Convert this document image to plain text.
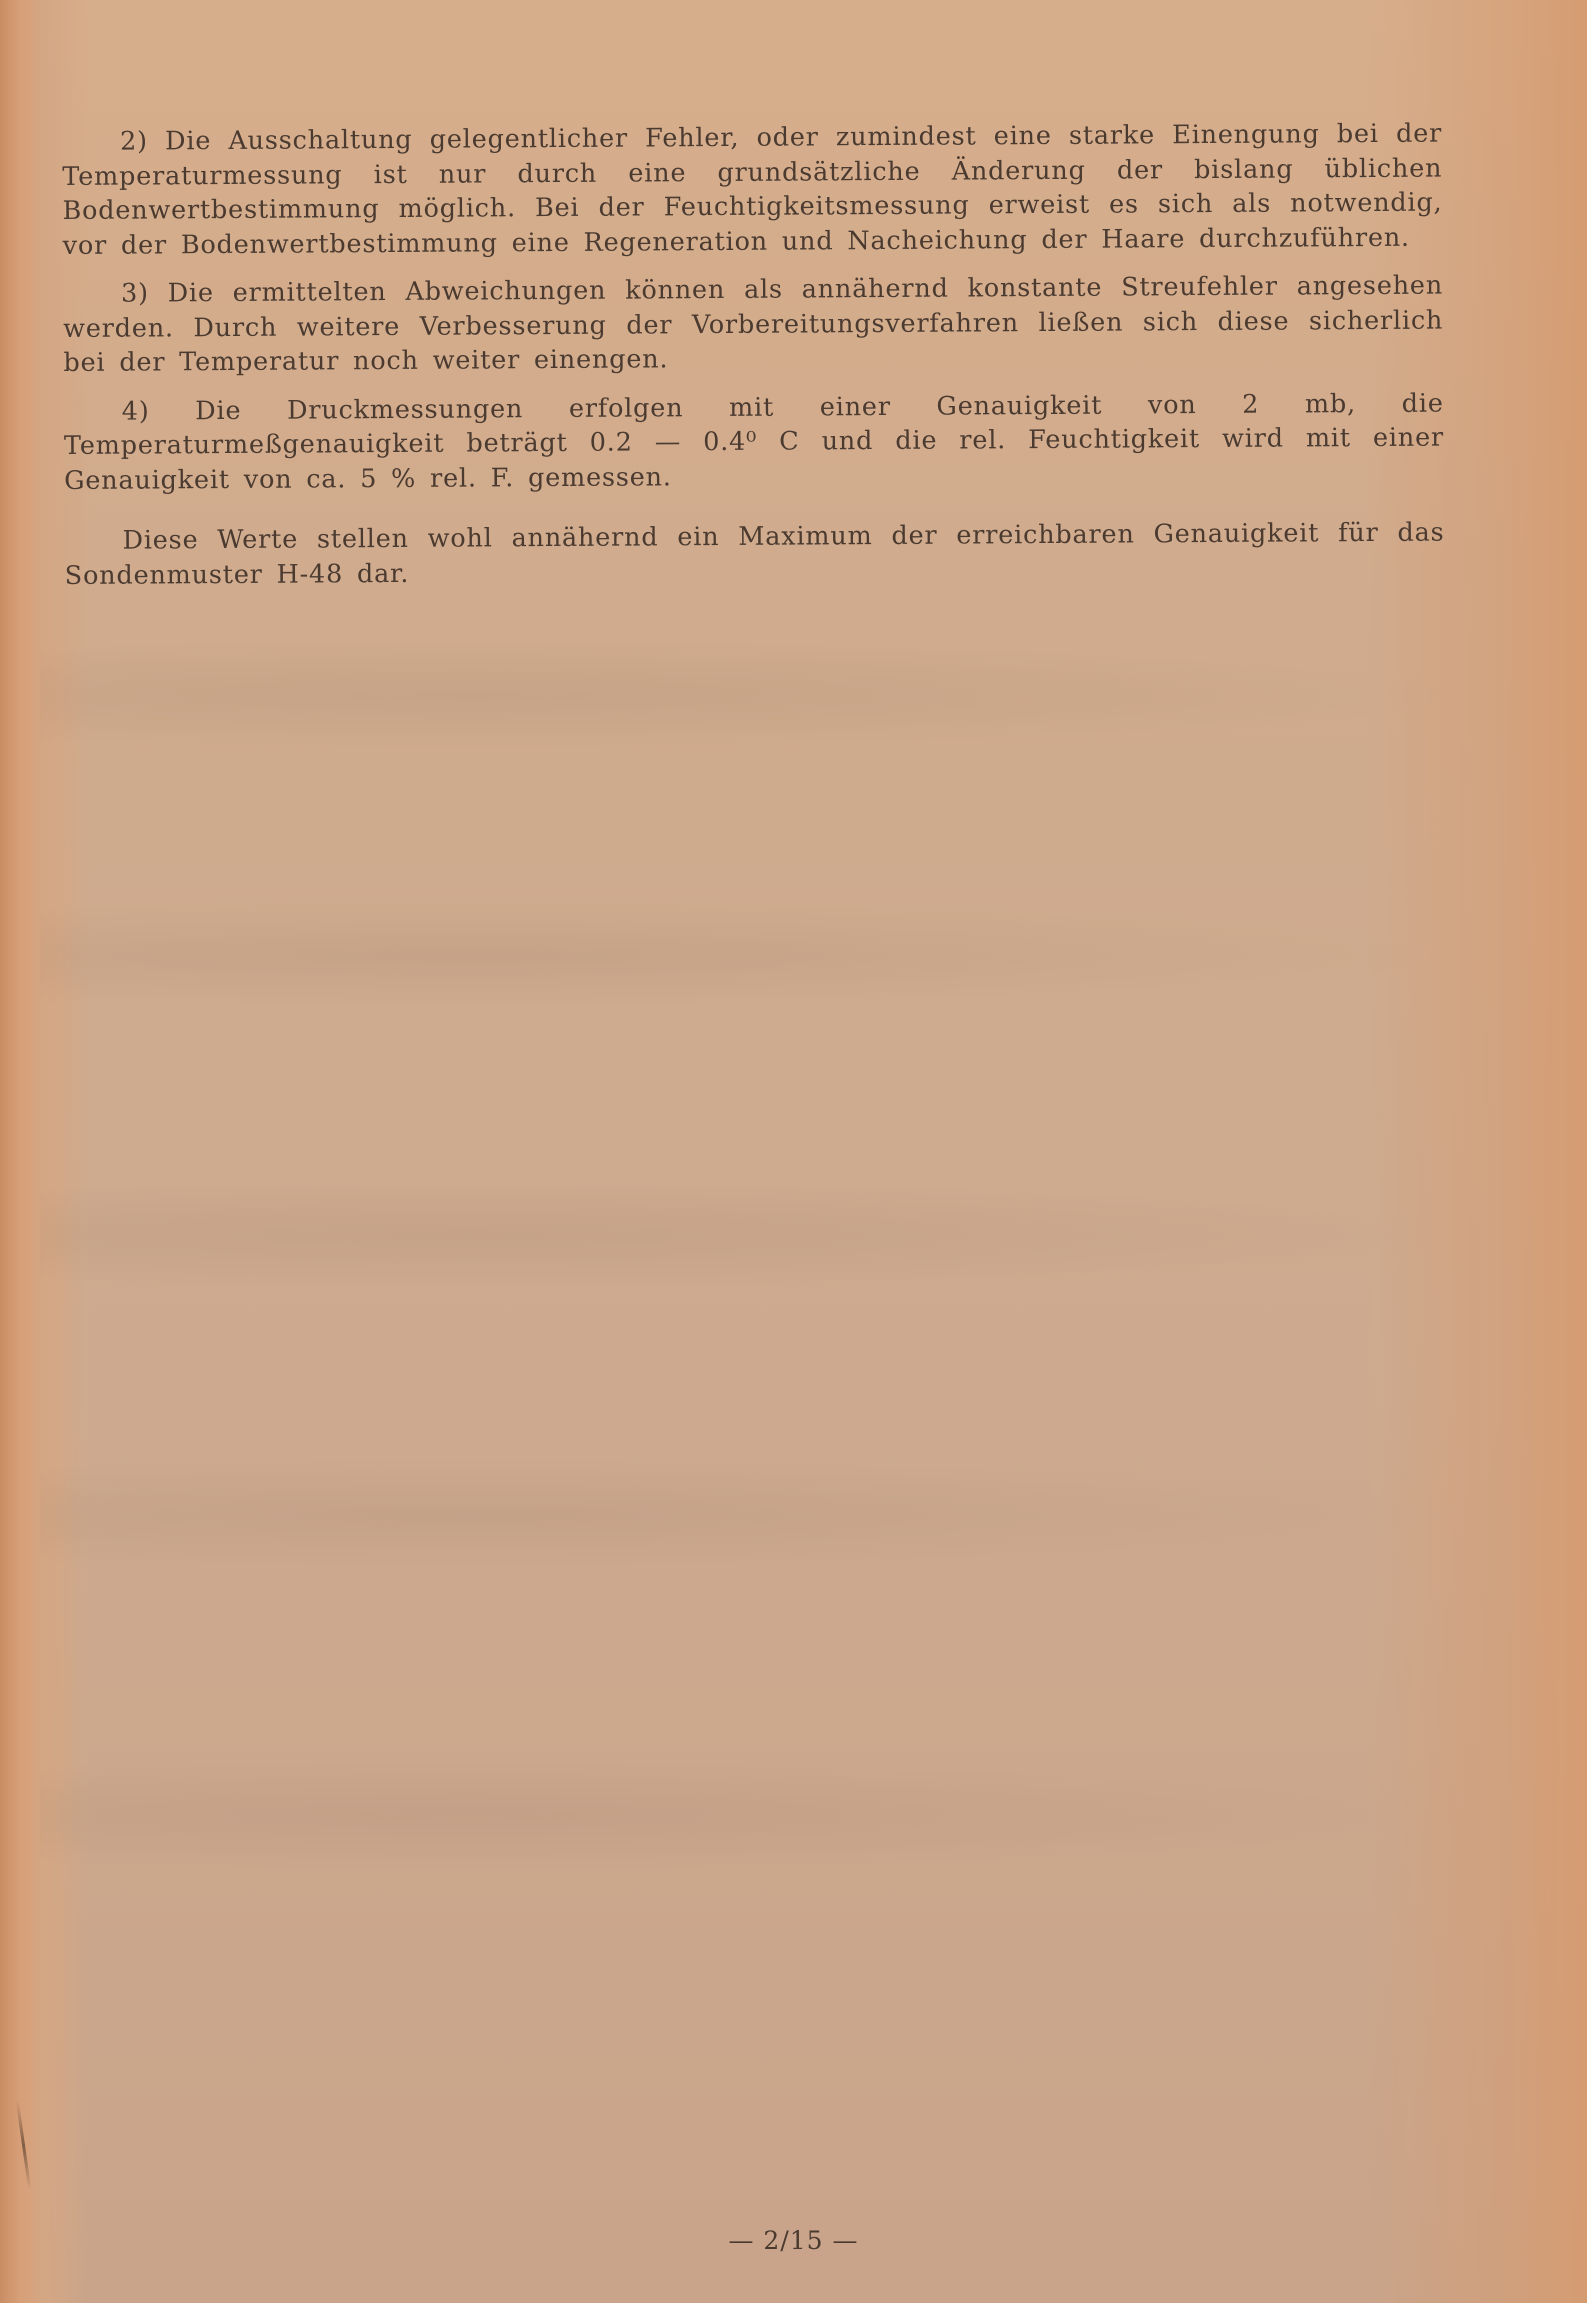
2) Die Ausschaltung gelegentlicher Fehler, oder zumindest eine starke Einengung bei der Temperaturmessung ist nur durch eine grundsätzliche Änderung der bislang üblichen Bodenwertbestimmung möglich. Bei der Feuchtigkeitsmessung erweist es sich als notwendig, vor der Bodenwertbestimmung eine Regeneration und Nacheichung der Haare durchzuführen.

3) Die ermittelten Abweichungen können als annähernd konstante Streufehler angesehen werden. Durch weitere Verbesserung der Vorbereitungsverfahren ließen sich diese sicherlich bei der Temperatur noch weiter einengen.

4) Die Druckmessungen erfolgen mit einer Genauigkeit von 2 mb, die Temperaturmeßgenauigkeit beträgt 0.2 — 0.4⁰ C und die rel. Feuchtigkeit wird mit einer Genauigkeit von ca. 5 % rel. F. gemessen.

Diese Werte stellen wohl annähernd ein Maximum der erreichbaren Genauigkeit für das Sondenmuster H-48 dar.

— 2/15 —
